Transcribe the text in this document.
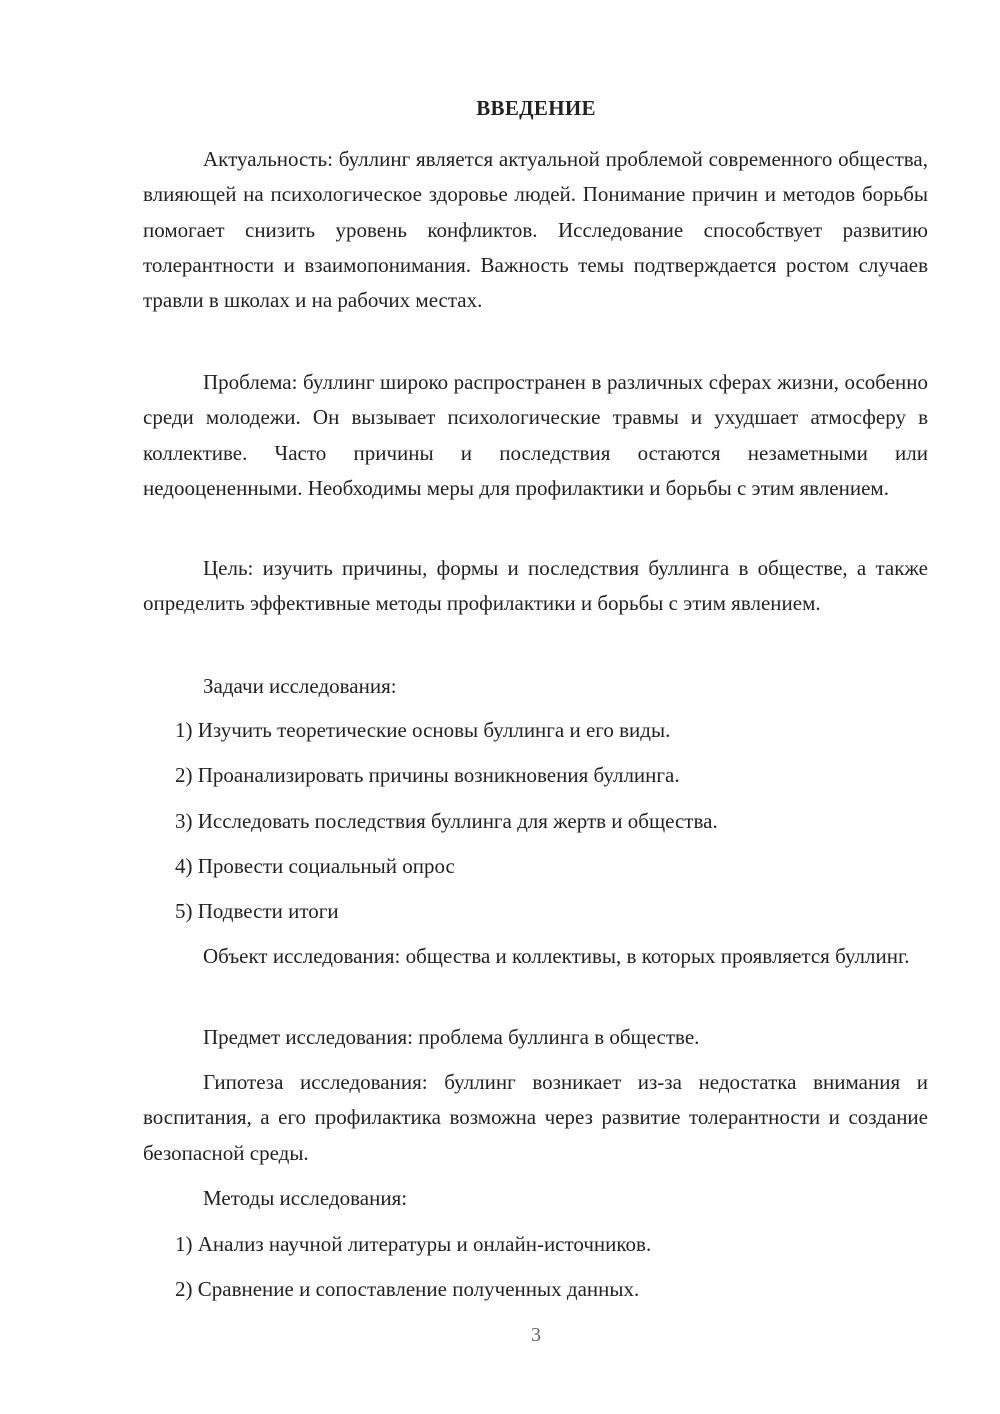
ВВЕДЕНИЕ

Актуальность: буллинг является актуальной проблемой современного общества, влияющей на психологическое здоровье людей. Понимание причин и методов борьбы помогает снизить уровень конфликтов. Исследование способствует развитию толерантности и взаимопонимания. Важность темы подтверждается ростом случаев травли в школах и на рабочих местах.

Проблема: буллинг широко распространен в различных сферах жизни, особенно среди молодежи. Он вызывает психологические травмы и ухудшает атмосферу в коллективе. Часто причины и последствия остаются незаметными или недооцененными. Необходимы меры для профилактики и борьбы с этим явлением.

Цель: изучить причины, формы и последствия буллинга в обществе, а также определить эффективные методы профилактики и борьбы с этим явлением.

Задачи исследования:
1) Изучить теоретические основы буллинга и его виды.
2) Проанализировать причины возникновения буллинга.
3) Исследовать последствия буллинга для жертв и общества.
4) Провести социальный опрос
5) Подвести итоги

Объект исследования: общества и коллективы, в которых проявляется буллинг.

Предмет исследования: проблема буллинга в обществе.

Гипотеза исследования: буллинг возникает из-за недостатка внимания и воспитания, а его профилактика возможна через развитие толерантности и создание безопасной среды.

Методы исследования:
1) Анализ научной литературы и онлайн-источников.
2) Сравнение и сопоставление полученных данных.
3
